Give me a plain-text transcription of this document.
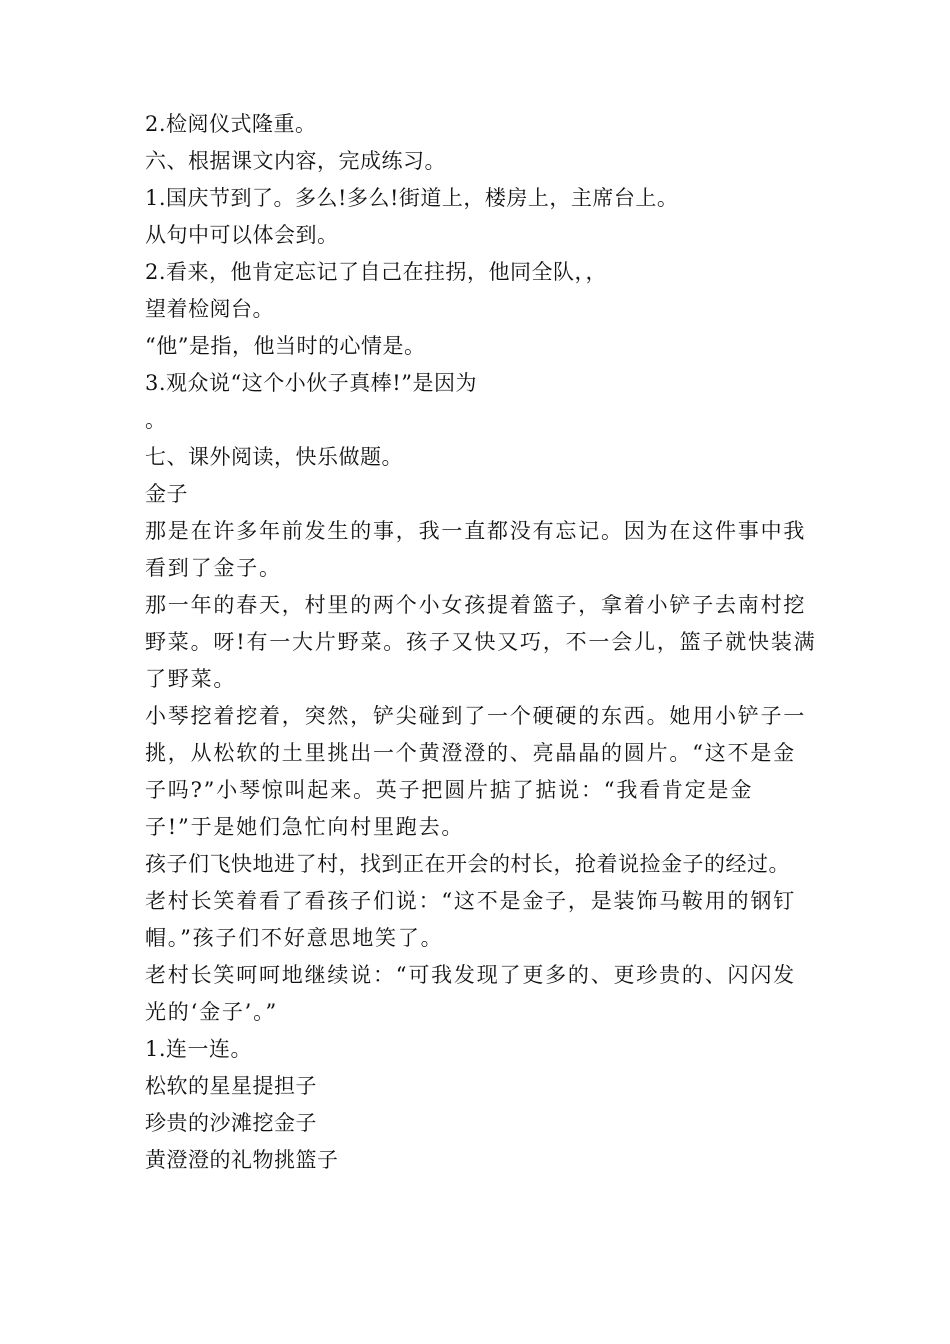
2.检阅仪式隆重。
六、根据课文内容，完成练习。
1.国庆节到了。多么!多么!街道上，楼房上，主席台上。
从句中可以体会到。
2.看来，他肯定忘记了自己在拄拐，他同全队，，
望着检阅台。
“他”是指，他当时的心情是。
3.观众说“这个小伙子真棒!”是因为
。
七、课外阅读，快乐做题。
金子
那是在许多年前发生的事，我一直都没有忘记。因为在这件事中我
看到了金子。
那一年的春天，村里的两个小女孩提着篮子，拿着小铲子去南村挖
野菜。呀!有一大片野菜。孩子又快又巧，不一会儿，篮子就快装满
了野菜。
小琴挖着挖着，突然，铲尖碰到了一个硬硬的东西。她用小铲子一
挑，从松软的土里挑出一个黄澄澄的、亮晶晶的圆片。“这不是金
子吗?”小琴惊叫起来。英子把圆片掂了掂说：“我看肯定是金
子!”于是她们急忙向村里跑去。
孩子们飞快地进了村，找到正在开会的村长，抢着说捡金子的经过。
老村长笑着看了看孩子们说：“这不是金子，是装饰马鞍用的钢钉
帽。”孩子们不好意思地笑了。
老村长笑呵呵地继续说：“可我发现了更多的、更珍贵的、闪闪发
光的‘金子’。”
1.连一连。
松软的星星提担子
珍贵的沙滩挖金子
黄澄澄的礼物挑篮子
